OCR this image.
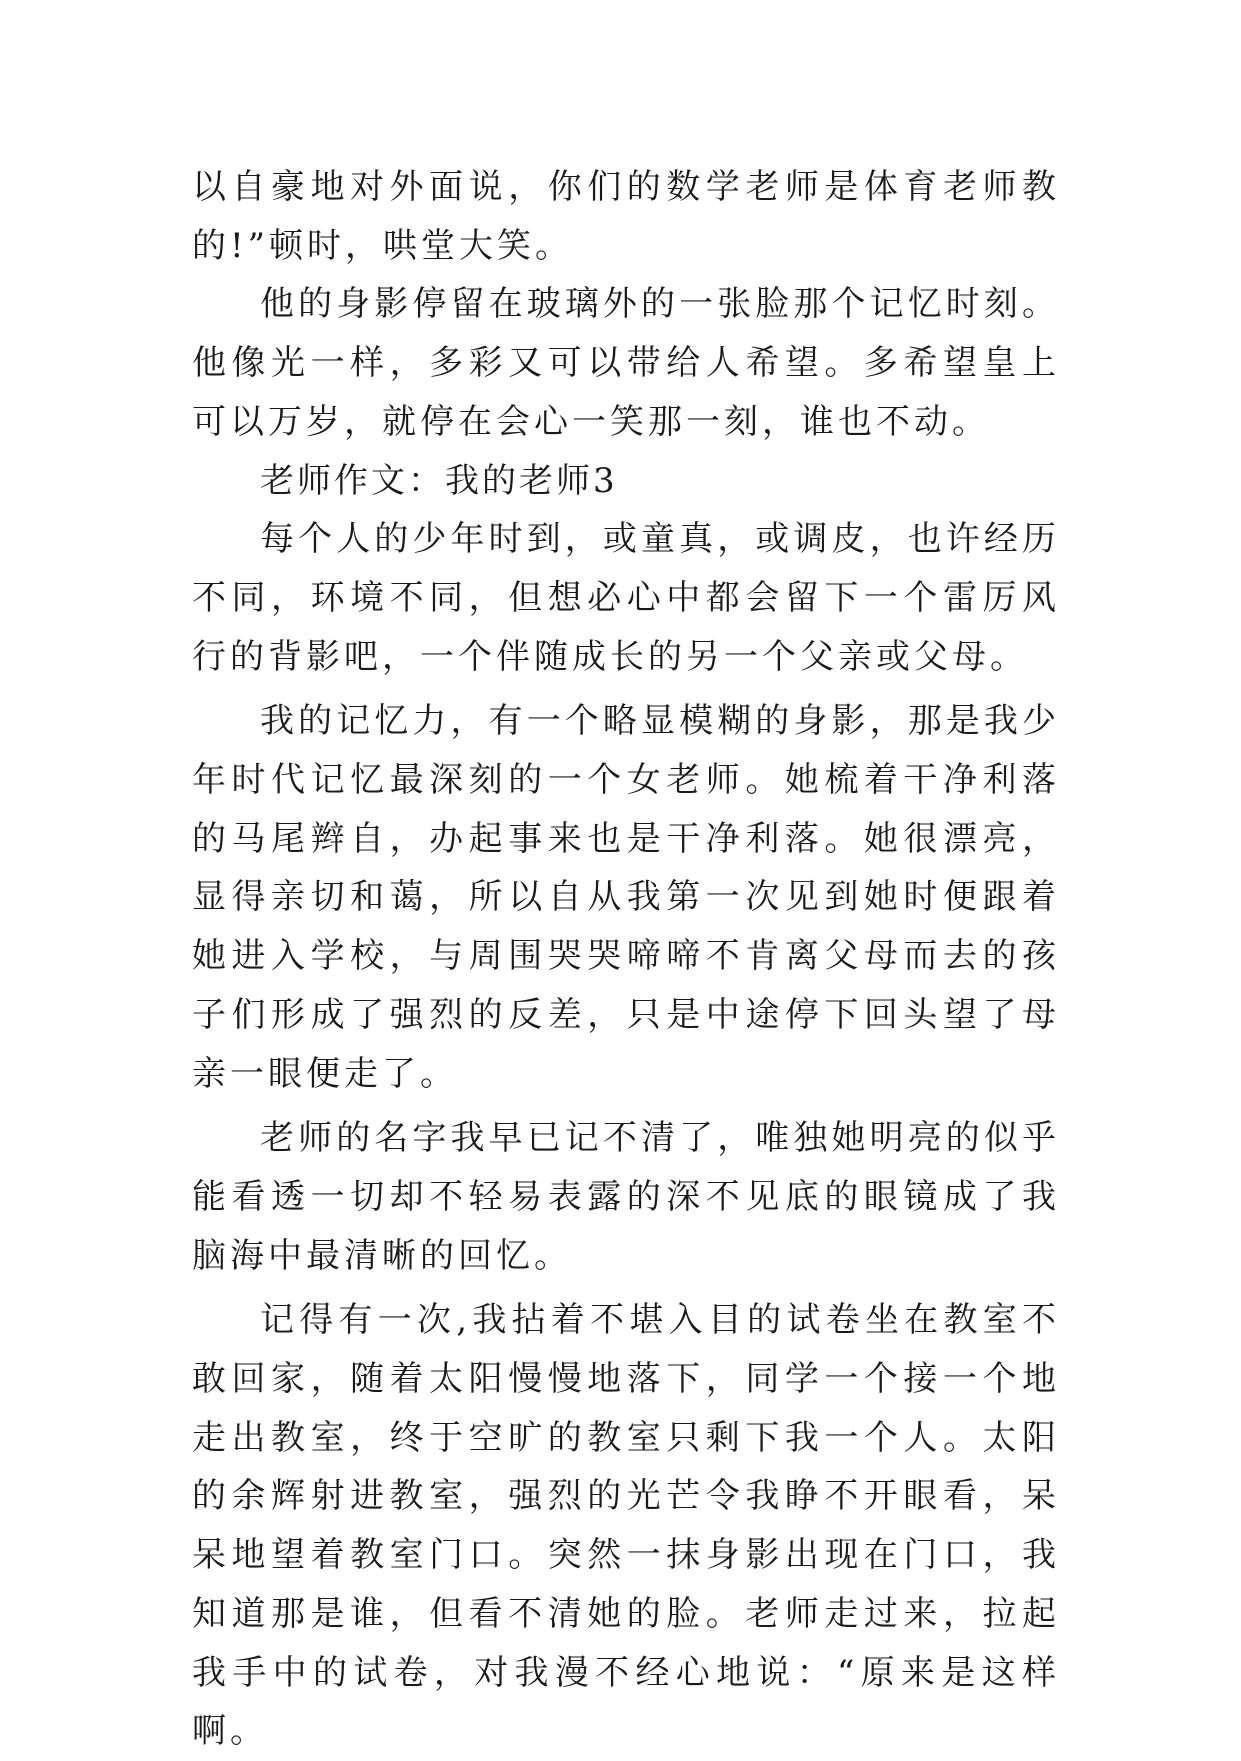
以自豪地对外面说，你们的数学老师是体育老师教的!”顿时，哄堂大笑。

他的身影停留在玻璃外的一张脸那个记忆时刻。他像光一样，多彩又可以带给人希望。多希望皇上可以万岁，就停在会心一笑那一刻，谁也不动。

老师作文：我的老师3

每个人的少年时到，或童真，或调皮，也许经历不同，环境不同，但想必心中都会留下一个雷厉风行的背影吧，一个伴随成长的另一个父亲或父母。

我的记忆力，有一个略显模糊的身影，那是我少年时代记忆最深刻的一个女老师。她梳着干净利落的马尾辫自，办起事来也是干净利落。她很漂亮，显得亲切和蔼，所以自从我第一次见到她时便跟着她进入学校，与周围哭哭啼啼不肯离父母而去的孩子们形成了强烈的反差，只是中途停下回头望了母亲一眼便走了。

老师的名字我早已记不清了，唯独她明亮的似乎能看透一切却不轻易表露的深不见底的眼镜成了我脑海中最清晰的回忆。

记得有一次,我拈着不堪入目的试卷坐在教室不敢回家，随着太阳慢慢地落下，同学一个接一个地走出教室，终于空旷的教室只剩下我一个人。太阳的余辉射进教室，强烈的光芒令我睁不开眼看，呆呆地望着教室门口。突然一抹身影出现在门口，我知道那是谁，但看不清她的脸。老师走过来，拉起我手中的试卷，对我漫不经心地说：“原来是这样啊。
